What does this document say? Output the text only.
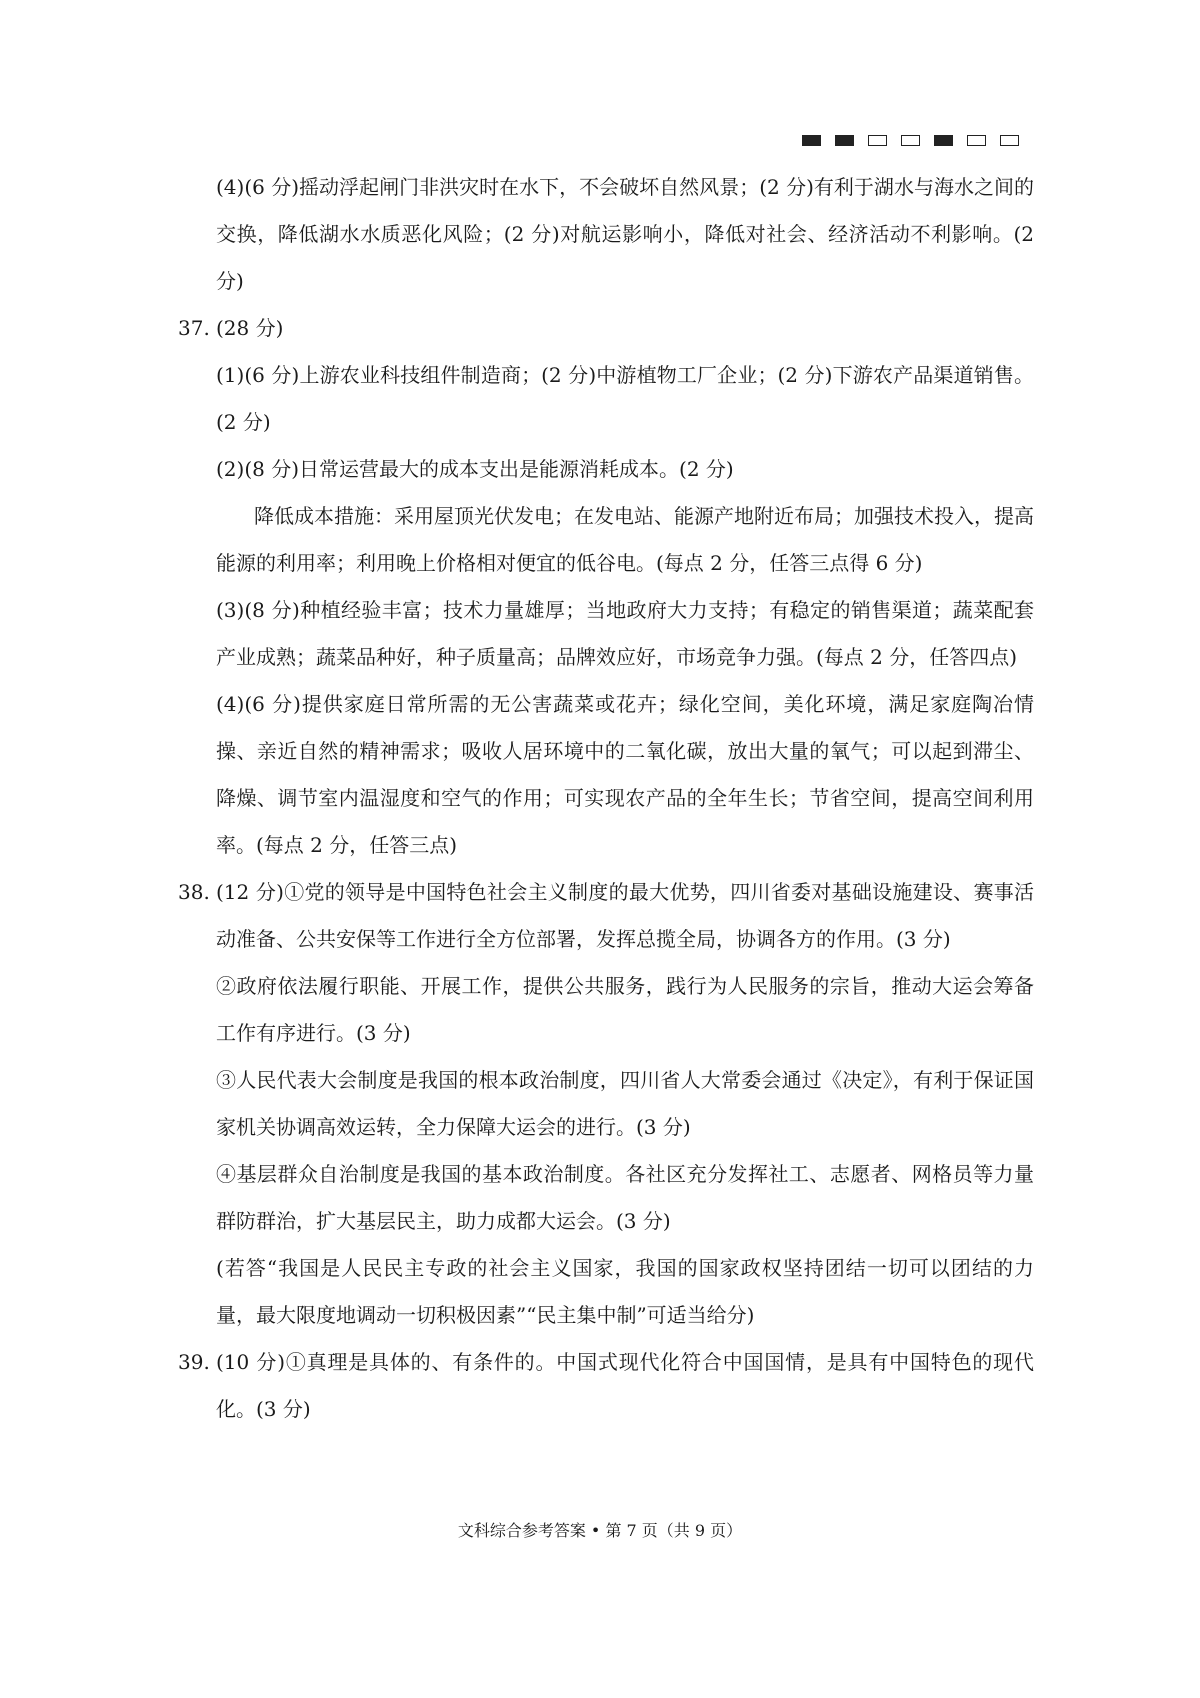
(4)(6 分)摇动浮起闸门非洪灾时在水下，不会破坏自然风景；(2 分)有利于湖水与海水之间的交换，降低湖水水质恶化风险；(2 分)对航运影响小，降低对社会、经济活动不利影响。(2 分)

37. (28 分)

(1)(6 分)上游农业科技组件制造商；(2 分)中游植物工厂企业；(2 分)下游农产品渠道销售。(2 分)

(2)(8 分)日常运营最大的成本支出是能源消耗成本。(2 分)

降低成本措施：采用屋顶光伏发电；在发电站、能源产地附近布局；加强技术投入，提高能源的利用率；利用晚上价格相对便宜的低谷电。(每点 2 分，任答三点得 6 分)

(3)(8 分)种植经验丰富；技术力量雄厚；当地政府大力支持；有稳定的销售渠道；蔬菜配套产业成熟；蔬菜品种好，种子质量高；品牌效应好，市场竞争力强。(每点 2 分，任答四点)

(4)(6 分)提供家庭日常所需的无公害蔬菜或花卉；绿化空间，美化环境，满足家庭陶冶情操、亲近自然的精神需求；吸收人居环境中的二氧化碳，放出大量的氧气；可以起到滞尘、降燥、调节室内温湿度和空气的作用；可实现农产品的全年生长；节省空间，提高空间利用率。(每点 2 分，任答三点)

38. (12 分)①党的领导是中国特色社会主义制度的最大优势，四川省委对基础设施建设、赛事活动准备、公共安保等工作进行全方位部署，发挥总揽全局，协调各方的作用。(3 分)

②政府依法履行职能、开展工作，提供公共服务，践行为人民服务的宗旨，推动大运会筹备工作有序进行。(3 分)

③人民代表大会制度是我国的根本政治制度，四川省人大常委会通过《决定》，有利于保证国家机关协调高效运转，全力保障大运会的进行。(3 分)

④基层群众自治制度是我国的基本政治制度。各社区充分发挥社工、志愿者、网格员等力量群防群治，扩大基层民主，助力成都大运会。(3 分)

(若答“我国是人民民主专政的社会主义国家，我国的国家政权坚持团结一切可以团结的力量，最大限度地调动一切积极因素”“民主集中制”可适当给分)

39. (10 分)①真理是具体的、有条件的。中国式现代化符合中国国情，是具有中国特色的现代化。(3 分)

文科综合参考答案 • 第 7 页（共 9 页）
